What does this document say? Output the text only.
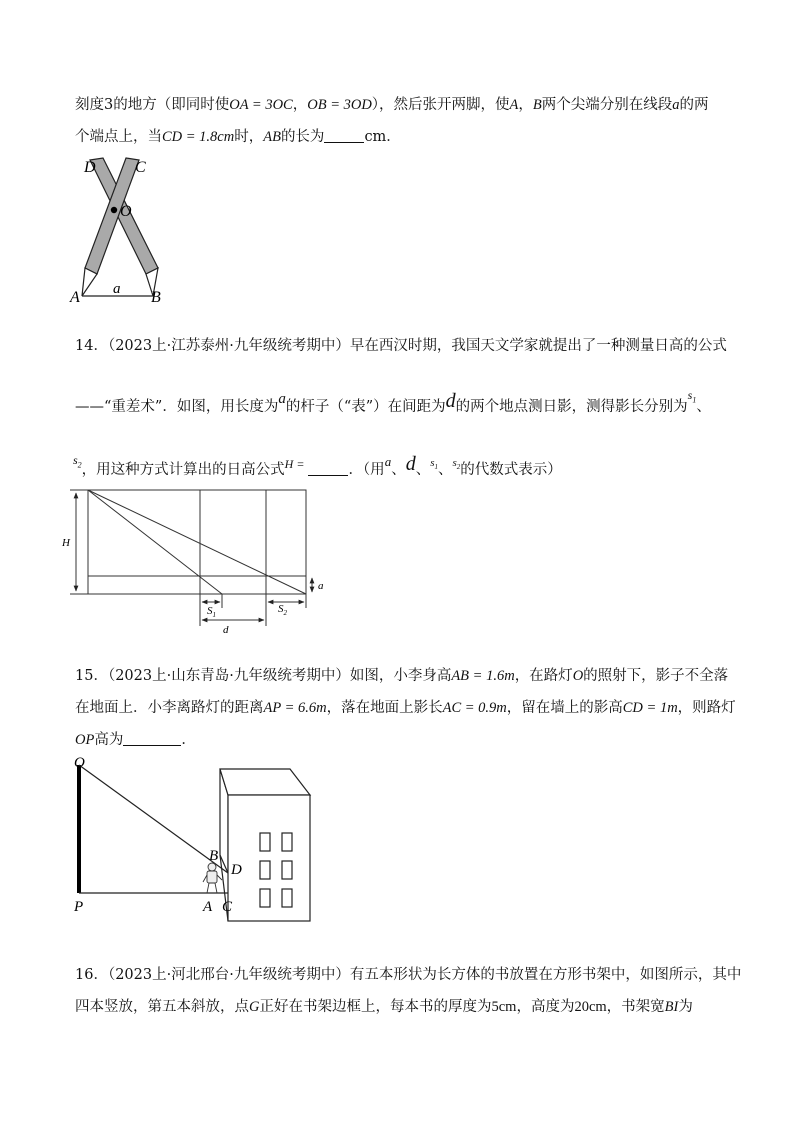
刻度3的地方（即同时使OA = 3OC，OB = 3OD），然后张开两脚，使A，B两个尖端分别在线段a的两
个端点上，当CD = 1.8cm时，AB的长为	cm．
D C
O
A	B
a
14．（2023上·江苏泰州·九年级统考期中）早在西汉时期，我国天文学家就提出了一种测量日高的公式
——“重差术”．如图，用长度为a的杆子（“表”）在间距为d的两个地点测日影，测得影长分别为$^{s_1}$、
$^{s_2}$，用这种方式计算出的日高公式$^{H =}$	．（用a、d、$^{s_1}$、$^{s_2}$的代数式表示）
H
a
$S_1$	$S_2$
d
15．（2023上·山东青岛·九年级统考期中）如图，小李身高AB = 1.6m，在路灯O的照射下，影子不全落
在地面上．小李离路灯的距离AP = 6.6m，落在地面上影长AC = 0.9m，留在墙上的影高CD = 1m，则路灯
OP高为	．
O
B
D
P	A C
16．（2023上·河北邢台·九年级统考期中）有五本形状为长方体的书放置在方形书架中，如图所示，其中
四本竖放，第五本斜放，点G正好在书架边框上，每本书的厚度为5cm，高度为20cm，书架宽BI为
